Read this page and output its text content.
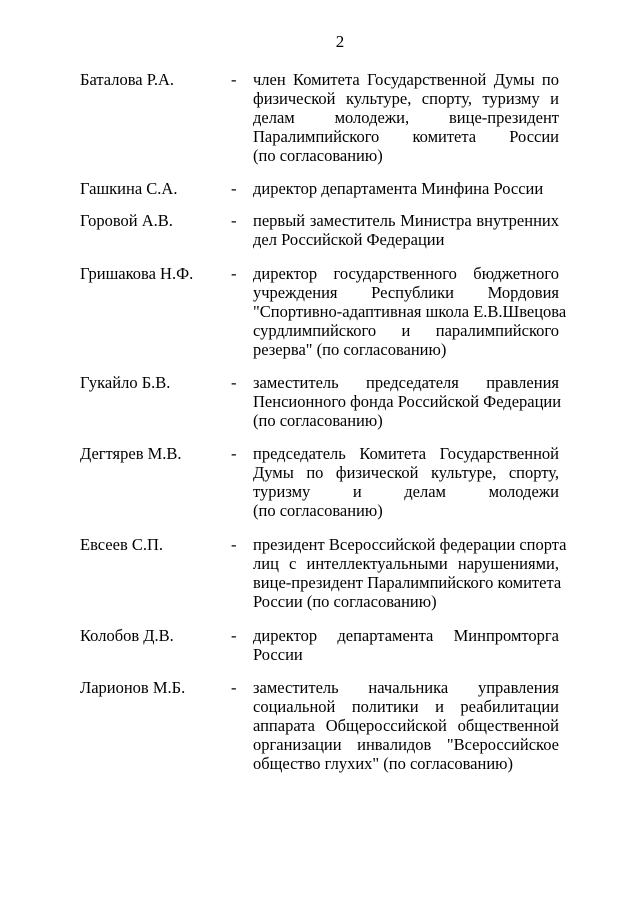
2
Баталова Р.А.	- член Комитета Государственной Думы по
физической культуре, спорту, туризму и
делам молодежи, вице-президент
Паралимпийского комитета России
(по согласованию)
Гашкина С.А.	- директор департамента Минфина России
Горовой А.В.	- первый заместитель Министра внутренних
дел Российской Федерации
Гришакова Н.Ф. - директор государственного бюджетного
учреждения Республики Мордовия
"Спортивно-адаптивная школа Е.В.Швецова
сурдлимпийского и паралимпийского
резерва" (по согласованию)
Гукайло Б.В.	- заместитель председателя правления
Пенсионного фонда Российской Федерации
(по согласованию)
Дегтярев М.В.	- председатель Комитета Государственной
Думы по физической культуре, спорту,
туризму и делам молодежи
(по согласованию)
Евсеев С.П.	- президент Всероссийской федерации спорта
лиц с интеллектуальными нарушениями,
вице-президент Паралимпийского комитета
России (по согласованию)
Колобов Д.В.	- директор департамента Минпромторга
России
Ларионов М.Б.	- заместитель начальника управления
социальной политики и реабилитации
аппарата Общероссийской общественной
организации инвалидов "Всероссийское
общество глухих" (по согласованию)
